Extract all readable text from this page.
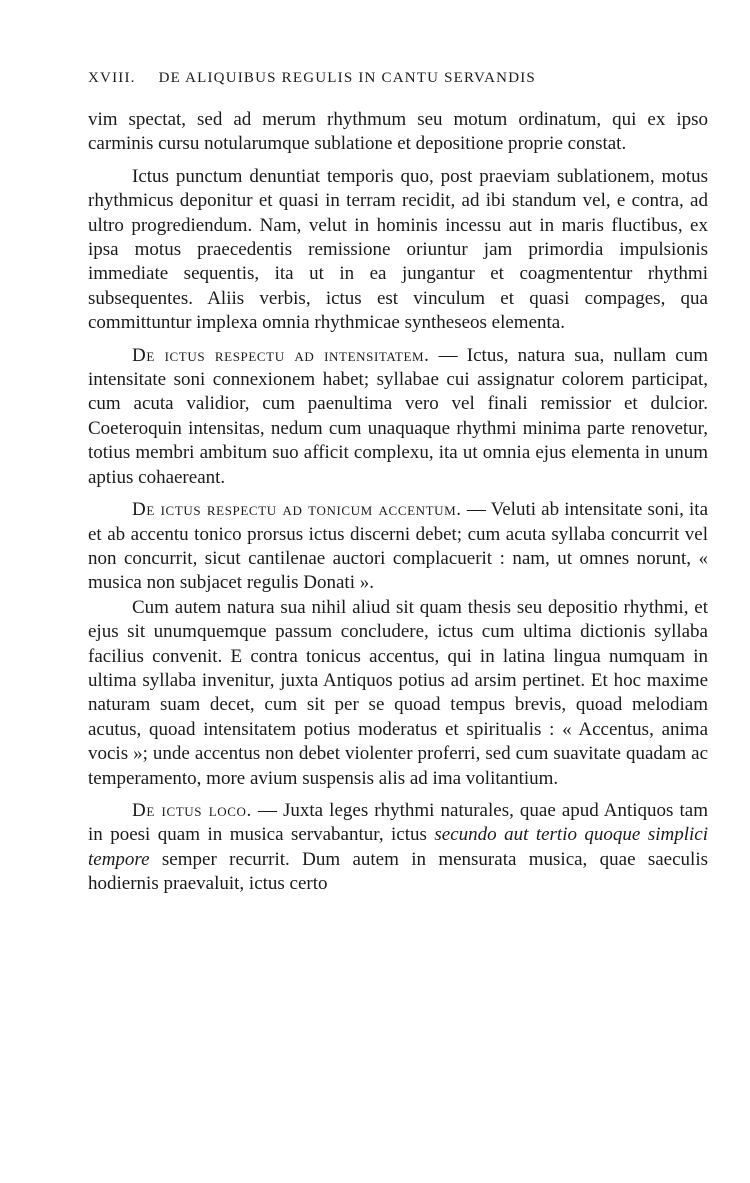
XVIII. DE ALIQUIBUS REGULIS IN CANTU SERVANDIS

vim spectat, sed ad merum rhythmum seu motum ordinatum, qui ex ipso carminis cursu notularumque sublatione et depositione proprie constat.

Ictus punctum denuntiat temporis quo, post praeviam sublationem, motus rhythmicus deponitur et quasi in terram recidit, ad ibi standum vel, e contra, ad ultro progrediendum. Nam, velut in hominis incessu aut in maris fluctibus, ex ipsa motus praecedentis remissione oriuntur jam primordia impulsionis immediate sequentis, ita ut in ea jungantur et coagmententur rhythmi subsequentes. Aliis verbis, ictus est vinculum et quasi compages, qua committuntur implexa omnia rhythmicae syntheseos elementa.

De ictus respectu ad intensitatem. — Ictus, natura sua, nullam cum intensitate soni connexionem habet; syllabae cui assignatur colorem participat, cum acuta validior, cum paenultima vero vel finali remissior et dulcior. Coeteroquin intensitas, nedum cum unaquaque rhythmi minima parte renovetur, totius membri ambitum suo afficit complexu, ita ut omnia ejus elementa in unum aptius cohaereant.

De ictus respectu ad tonicum accentum. — Veluti ab intensitate soni, ita et ab accentu tonico prorsus ictus discerni debet; cum acuta syllaba concurrit vel non concurrit, sicut cantilenae auctori complacuerit : nam, ut omnes norunt, « musica non subjacet regulis Donati ».

Cum autem natura sua nihil aliud sit quam thesis seu depositio rhythmi, et ejus sit unumquemque passum concludere, ictus cum ultima dictionis syllaba facilius convenit. E contra tonicus accentus, qui in latina lingua numquam in ultima syllaba invenitur, juxta Antiquos potius ad arsim pertinet. Et hoc maxime naturam suam decet, cum sit per se quoad tempus brevis, quoad melodiam acutus, quoad intensitatem potius moderatus et spiritualis : « Accentus, anima vocis »; unde accentus non debet violenter proferri, sed cum suavitate quadam ac temperamento, more avium suspensis alis ad ima volitantium.

De ictus loco. — Juxta leges rhythmi naturales, quae apud Antiquos tam in poesi quam in musica servabantur, ictus secundo aut tertio quoque simplici tempore semper recurrit. Dum autem in mensurata musica, quae saeculis hodiernis praevaluit, ictus certo
